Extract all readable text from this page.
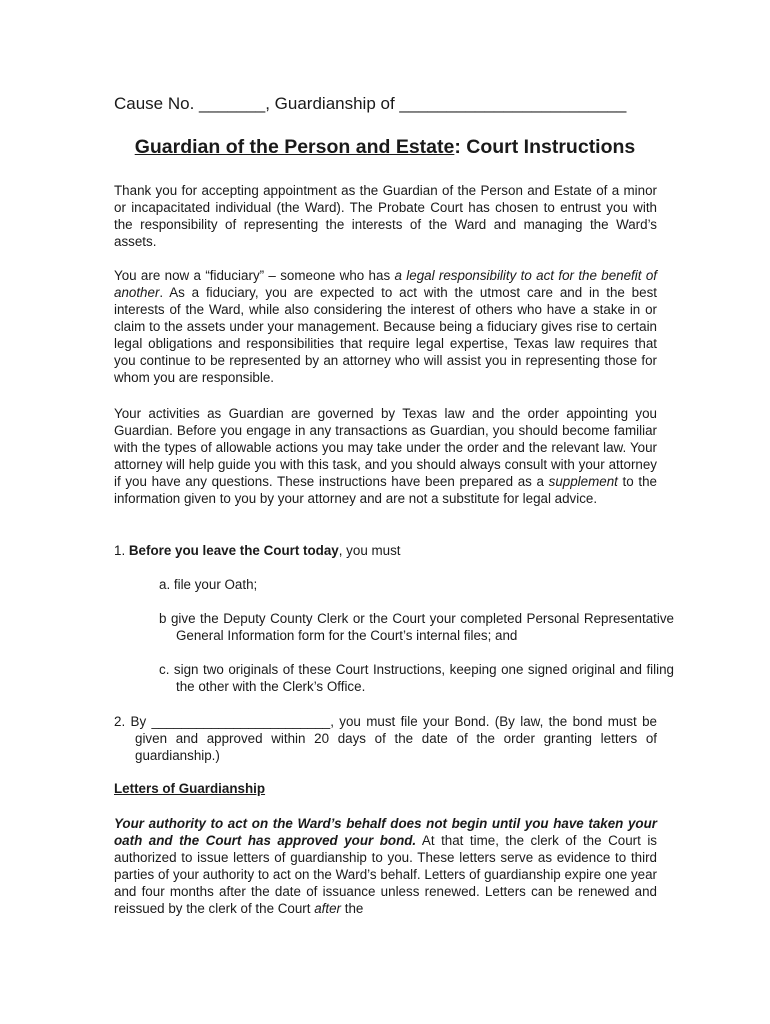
Cause No. _______, Guardianship of ________________________
Guardian of the Person and Estate: Court Instructions
Thank you for accepting appointment as the Guardian of the Person and Estate of a minor or incapacitated individual (the Ward). The Probate Court has chosen to entrust you with the responsibility of representing the interests of the Ward and managing the Ward’s assets.
You are now a “fiduciary” – someone who has a legal responsibility to act for the benefit of another. As a fiduciary, you are expected to act with the utmost care and in the best interests of the Ward, while also considering the interest of others who have a stake in or claim to the assets under your management. Because being a fiduciary gives rise to certain legal obligations and responsibilities that require legal expertise, Texas law requires that you continue to be represented by an attorney who will assist you in representing those for whom you are responsible.
Your activities as Guardian are governed by Texas law and the order appointing you Guardian. Before you engage in any transactions as Guardian, you should become familiar with the types of allowable actions you may take under the order and the relevant law. Your attorney will help guide you with this task, and you should always consult with your attorney if you have any questions. These instructions have been prepared as a supplement to the information given to you by your attorney and are not a substitute for legal advice.
1. Before you leave the Court today, you must
a. file your Oath;
b give the Deputy County Clerk or the Court your completed Personal Representative General Information form for the Court’s internal files; and
c. sign two originals of these Court Instructions, keeping one signed original and filing the other with the Clerk’s Office.
2. By ________________________, you must file your Bond. (By law, the bond must be given and approved within 20 days of the date of the order granting letters of guardianship.)
Letters of Guardianship
Your authority to act on the Ward’s behalf does not begin until you have taken your oath and the Court has approved your bond. At that time, the clerk of the Court is authorized to issue letters of guardianship to you. These letters serve as evidence to third parties of your authority to act on the Ward’s behalf. Letters of guardianship expire one year and four months after the date of issuance unless renewed. Letters can be renewed and reissued by the clerk of the Court after the
